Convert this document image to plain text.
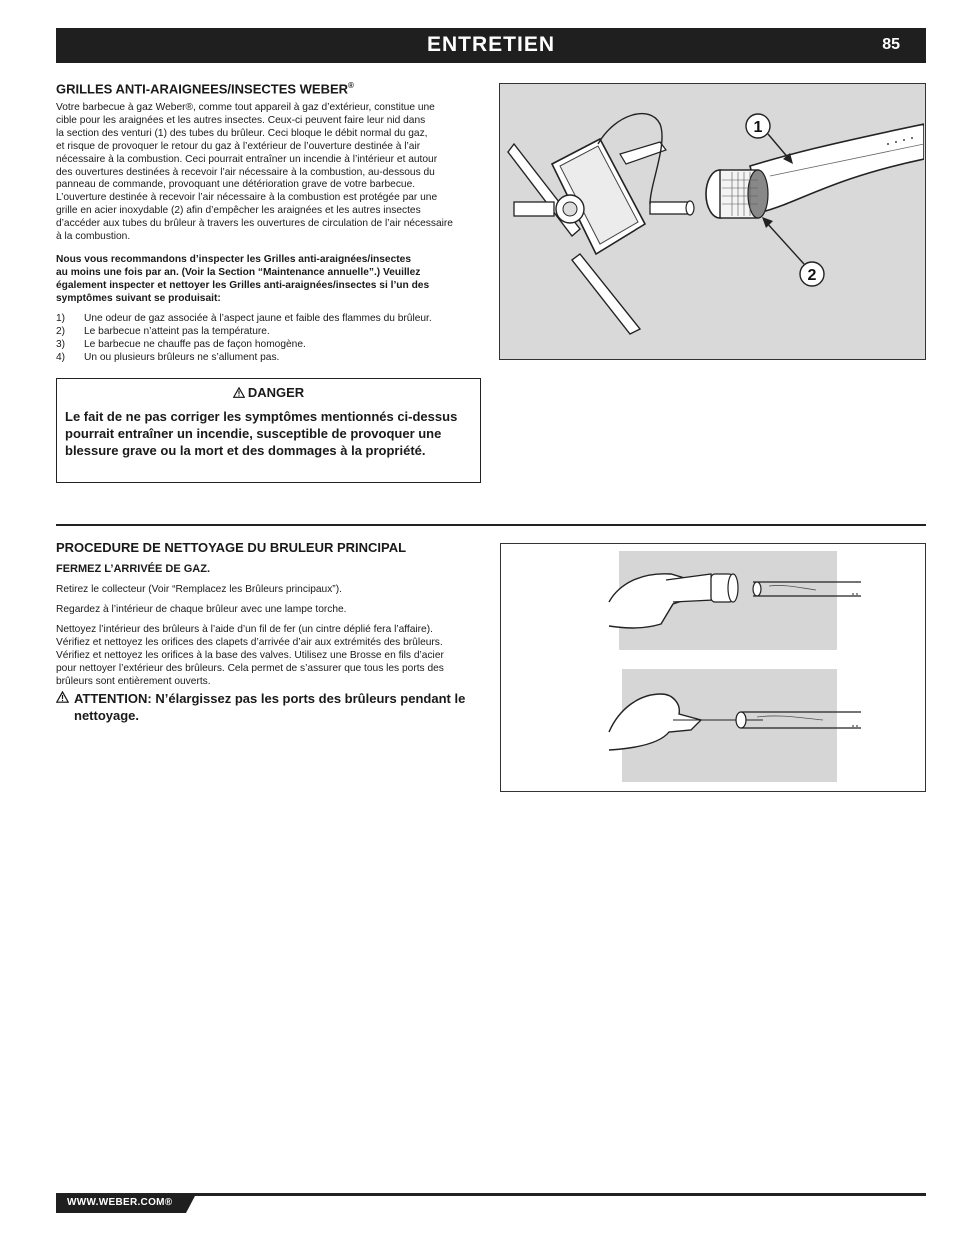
ENTRETIEN	85
GRILLES ANTI-ARAIGNEES/INSECTES WEBER®
Votre barbecue à gaz Weber®, comme tout appareil à gaz d’extérieur, constitue une
cible pour les araignées et les autres insectes. Ceux-ci peuvent faire leur nid dans
la section des venturi (1) des tubes du brûleur. Ceci bloque le débit normal du gaz,
et risque de provoquer le retour du gaz à l’extérieur de l’ouverture destinée à l’air
nécessaire à la combustion. Ceci pourrait entraîner un incendie à l’intérieur et autour
des ouvertures destinées à recevoir l’air nécessaire à la combustion, au-dessous du
panneau de commande, provoquant une détérioration grave de votre barbecue.
L’ouverture destinée à recevoir l’air nécessaire à la combustion est protégée par une
grille en acier inoxydable (2) afin d’empêcher les araignées et les autres insectes
d’accéder aux tubes du brûleur à travers les ouvertures de circulation de l’air nécessaire
à la combustion.
Nous vous recommandons d’inspecter les Grilles anti-araignées/insectes
au moins une fois par an. (Voir la Section “Maintenance annuelle”.) Veuillez
également inspecter et nettoyer les Grilles anti-araignées/insectes si l’un des
symptômes suivant se produisait:
1) Une odeur de gaz associée à l’aspect jaune et faible des flammes du brûleur.
2) Le barbecue n’atteint pas la température.
3) Le barbecue ne chauffe pas de façon homogène.
4) Un ou plusieurs brûleurs ne s’allument pas.
DANGER

Le fait de ne pas corriger les symptômes mentionnés ci-dessus pourrait entraîner un incendie, susceptible de provoquer une blessure grave ou la mort et des dommages à la propriété.

1
2
PROCEDURE DE NETTOYAGE DU BRULEUR PRINCIPAL
FERMEZ L’ARRIVÉE DE GAZ.
Retirez le collecteur (Voir “Remplacez les Brûleurs principaux”).
Regardez à l’intérieur de chaque brûleur avec une lampe torche.
Nettoyez l’intérieur des brûleurs à l’aide d’un fil de fer (un cintre déplié fera l’affaire).
Vérifiez et nettoyez les orifices des clapets d’arrivée d’air aux extrémités des brûleurs.
Vérifiez et nettoyez les orifices à la base des valves. Utilisez une Brosse en fils d’acier
pour nettoyer l’extérieur des brûleurs. Cela permet de s’assurer que tous les ports des
brûleurs sont entièrement ouverts.
ATTENTION: N’élargissez pas les ports des brûleurs pendant le nettoyage.
WWW.WEBER.COM®
